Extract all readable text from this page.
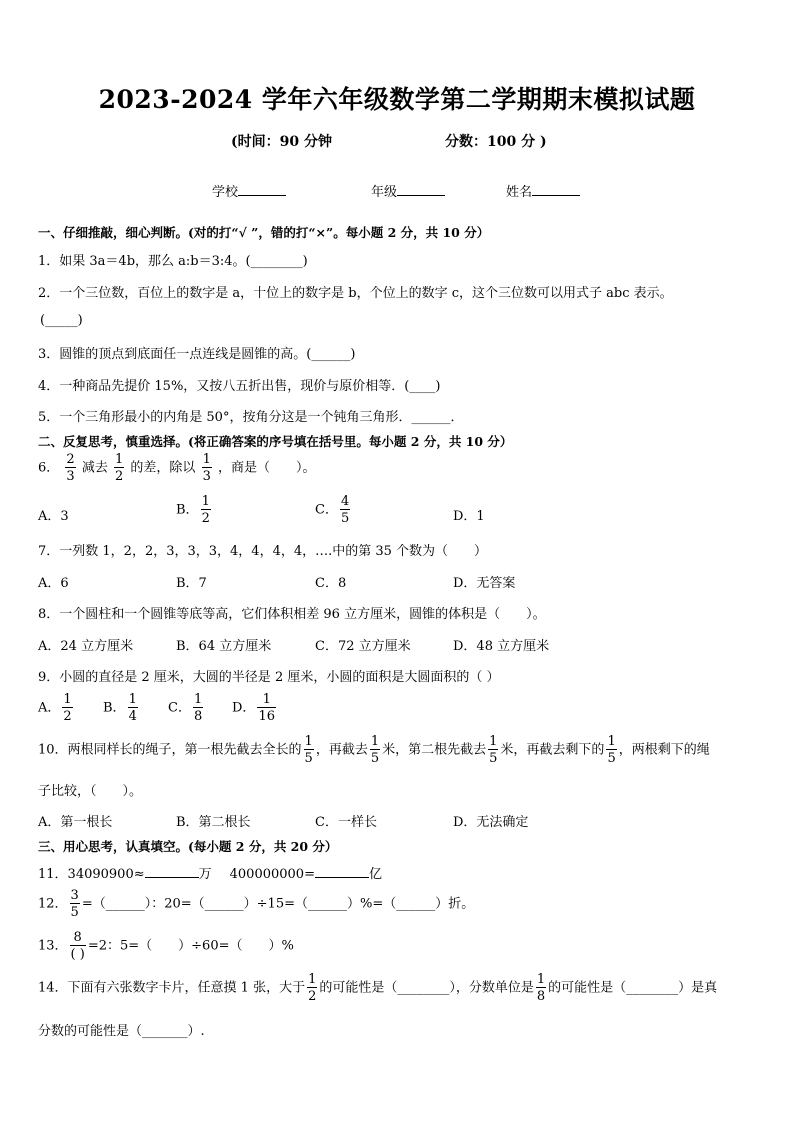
2023-2024 学年六年级数学第二学期期末模拟试题
(时间：90 分钟	分数：100 分 )
学校	年级	姓名
一、仔细推敲，细心判断。(对的打“√ ”，错的打“×”。每小题 2 分，共 10 分）
1．如果 3a＝4b，那么 a:b＝3:4。(________)
2．一个三位数，百位上的数字是 a，十位上的数字是 b，个位上的数字 c，这个三位数可以用式子 abc 表示。
(_____)
3．圆锥的顶点到底面任一点连线是圆锥的高。(______)
4．一种商品先提价 15%，又按八五折出售，现价与原价相等．(____)
5．一个三角形最小的内角是 50°，按角分这是一个钝角三角形．______．
二、反复思考，慎重选择。(将正确答案的序号填在括号里。每小题 2 分，共 10 分）
6． $\frac{2}{3}$ 减去 $\frac{1}{2}$ 的差，除以 $\frac{1}{3}$ ，商是（　　）。
A．3	B． $\frac{1}{2}$	C． $\frac{4}{5}$	D．1
7．一列数 1，2，2，3，3，3，4，4，4，4，….中的第 35 个数为（　　）
A．6	B．7	C．8	D．无答案
8．一个圆柱和一个圆锥等底等高，它们体积相差 96 立方厘米，圆锥的体积是（　　）。
A．24 立方厘米	B．64 立方厘米	C．72 立方厘米	D．48 立方厘米
9．小圆的直径是 2 厘米，大圆的半径是 2 厘米，小圆的面积是大圆面积的（ ）
A． $\frac{1}{2}$ B． $\frac{1}{4}$ C． $\frac{1}{8}$ D． $\frac{1}{16}$
10．两根同样长的绳子，第一根先截去全长的 $\frac{1}{5}$ ，再截去 $\frac{1}{5}$ 米，第二根先截去 $\frac{1}{5}$ 米，再截去剩下的 $\frac{1}{5}$ ，两根剩下的绳
子比较，（　　）。
A．第一根长	B．第二根长	C．一样长	D．无法确定
三、用心思考，认真填空。(每小题 2 分，共 20 分）
11．34090900≈	万 400000000=	亿
12． $\frac{3}{5}$ =（______）：20=（______）÷15=（______）%=（______）折。
13． $\frac{8}{( )} =2$：5=（　　）÷60=（　　）%
14．下面有六张数字卡片，任意摸 1 张，大于 $\frac{1}{2}$ 的可能性是（________），分数单位是 $\frac{1}{8}$ 的可能性是（________）是真
分数的可能性是（_______）.
